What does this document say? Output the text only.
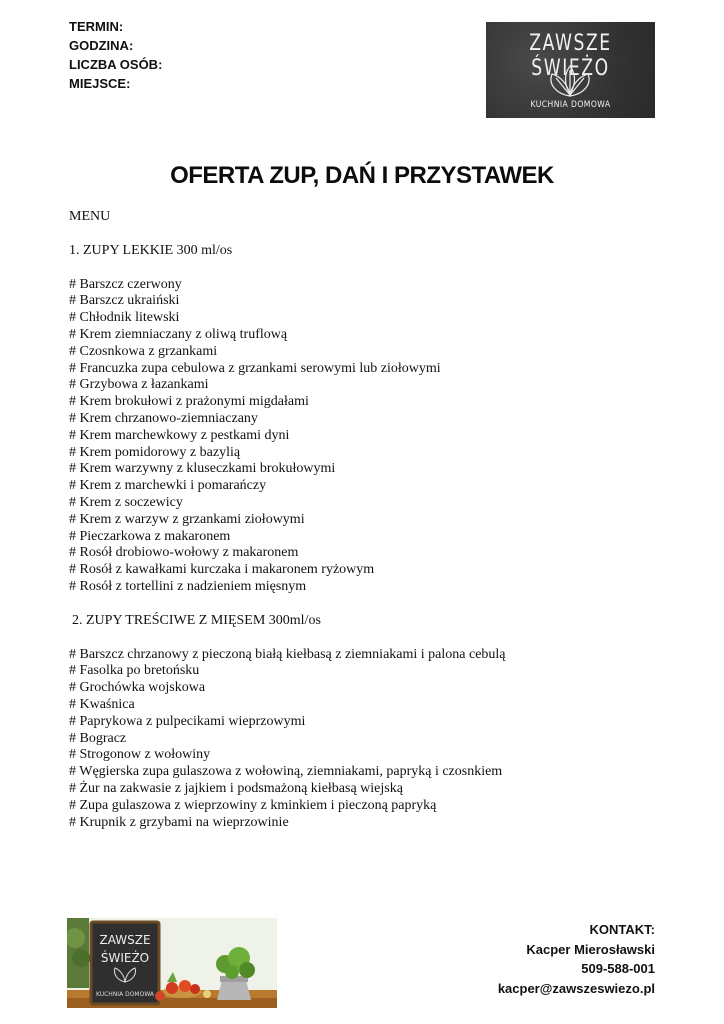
TERMIN:
GODZINA:
LICZBA OSÓB:
MIEJSCE:
ZAWSZE ŚWIEŻO
KUCHNIA DOMOWA
OFERTA ZUP, DAŃ I PRZYSTAWEK
MENU
1. ZUPY LEKKIE 300 ml/os
# Barszcz czerwony
# Barszcz ukraiński
# Chłodnik litewski
# Krem ziemniaczany z oliwą truflową
# Czosnkowa z grzankami
# Francuzka zupa cebulowa z grzankami serowymi lub ziołowymi
# Grzybowa z łazankami
# Krem brokułowi z prażonymi migdałami
# Krem chrzanowo-ziemniaczany
# Krem marchewkowy z pestkami dyni
# Krem pomidorowy z bazylią
# Krem warzywny z kluseczkami brokułowymi
# Krem z marchewki i pomarańczy
# Krem z soczewicy
# Krem z warzyw z grzankami ziołowymi
# Pieczarkowa z makaronem
# Rosół drobiowo-wołowy z makaronem
# Rosół z kawałkami kurczaka i makaronem ryżowym
# Rosół z tortellini z nadzieniem mięsnym
2. ZUPY TREŚCIWE Z MIĘSEM 300ml/os
# Barszcz chrzanowy z pieczoną białą kiełbasą z ziemniakami i palona cebulą
# Fasolka po bretońsku
# Grochówka wojskowa
# Kwaśnica
# Paprykowa z pulpecikami wieprzowymi
# Bogracz
# Strogonow z wołowiny
# Węgierska zupa gulaszowa z wołowiną, ziemniakami, papryką i czosnkiem
# Żur na zakwasie z jajkiem i podsmażoną kiełbasą wiejską
# Zupa gulaszowa z wieprzowiny z kminkiem i pieczoną papryką
# Krupnik z grzybami na wieprzowinie
ZAWSZE
ŚWIEŻO
KUCHNIA DOMOWA
KONTAKT:
Kacper Mierosławski
509-588-001
kacper@zawszeswiezo.pl
